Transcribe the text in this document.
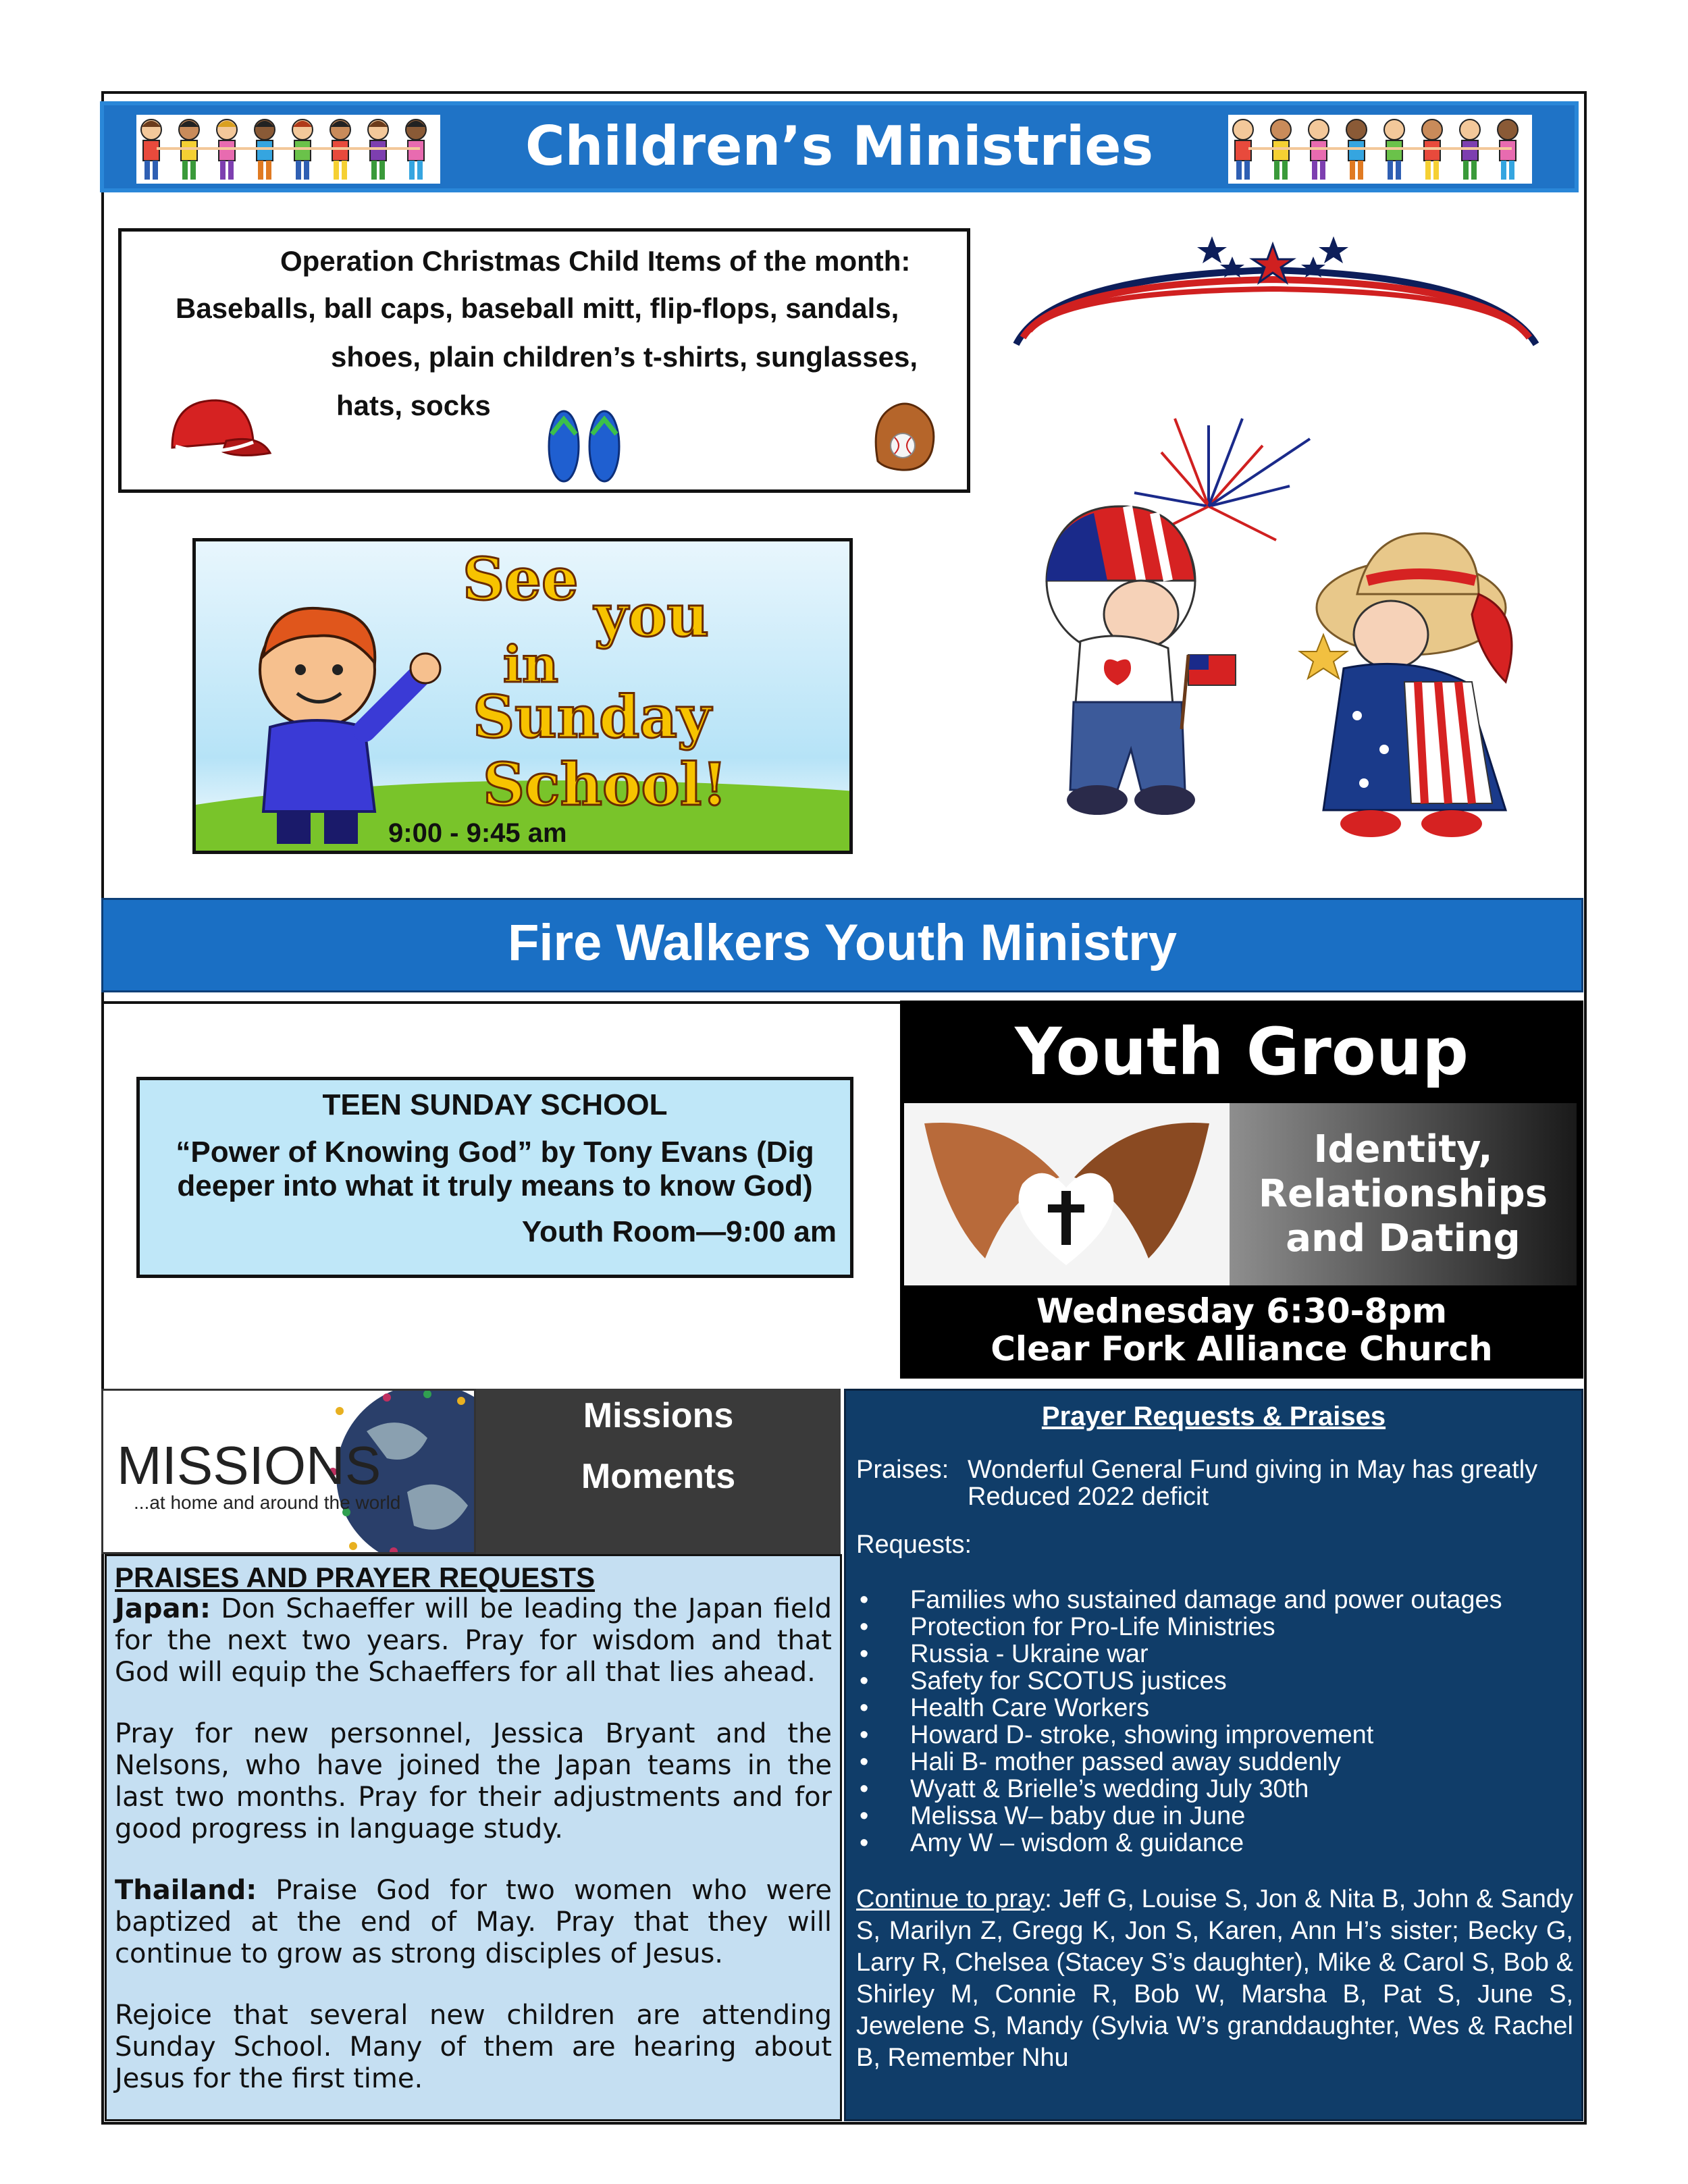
Children’s Ministries

Operation Christmas Child Items of the month:

Baseballs, ball caps, baseball mitt, flip-flops, sandals,

shoes, plain children’s t-shirts, sunglasses,

hats, socks

See
you
in
Sunday
School!
9:00 - 9:45 am
Fire Walkers Youth Ministry
TEEN SUNDAY SCHOOL
“Power of Knowing God” by Tony Evans (Dig
deeper into what it truly means to know God)
Youth Room—9:00 am
Youth Group
Identity,
Relationships
and Dating
Wednesday 6:30-8pm
Clear Fork Alliance Church
MISSIONS
...at home and around the world
Missions
Moments

PRAISES AND PRAYER REQUESTS

Japan: Don Schaeffer will be leading the Japan field for the next two years. Pray for wisdom and that God will equip the Schaeffers for all that lies ahead.

Pray for new personnel, Jessica Bryant and the Nelsons, who have joined the Japan teams in the last two months. Pray for their adjustments and for good progress in language study.

Thailand: Praise God for two women who were baptized at the end of May. Pray that they will continue to grow as strong disciples of Jesus.

Rejoice that several new children are attending Sunday School. Many of them are hearing about Jesus for the first time.

Prayer Requests & Praises
Praises: Wonderful General Fund giving in May has greatly
Reduced 2022 deficit
Requests:
• Families who sustained damage and power outages
• Protection for Pro-Life Ministries
• Russia - Ukraine war
• Safety for SCOTUS justices
• Health Care Workers
• Howard D- stroke, showing improvement
• Hali B- mother passed away suddenly
• Wyatt & Brielle’s wedding July 30th
• Melissa W– baby due in June
• Amy W – wisdom & guidance
Continue to pray: Jeff G, Louise S, Jon & Nita B, John & Sandy S, Marilyn Z, Gregg K, Jon S, Karen, Ann H’s sister; Becky G, Larry R, Chelsea (Stacey S’s daughter), Mike & Carol S, Bob & Shirley M, Connie R, Bob W, Marsha B, Pat S, June S, Jewelene S, Mandy (Sylvia W’s granddaughter, Wes & Rachel B, Remember Nhu
